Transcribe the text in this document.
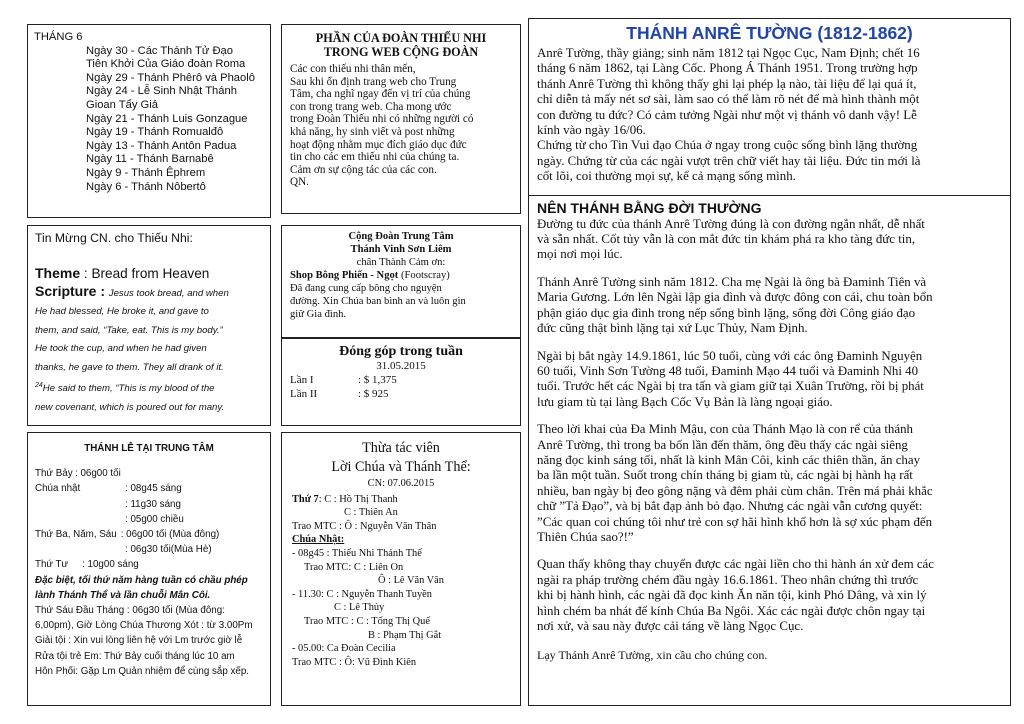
THÁNG 6
Ngày 30 - Các Thánh Tử Đạo
Tiên Khởi Của Giáo đoàn Roma
Ngày 29 - Thánh Phêrô và Phaolô
Ngày 24 - Lễ Sinh Nhật Thánh
Gioan Tẩy Giả
Ngày 21 - Thánh Luis Gonzague
Ngày 19 - Thánh Romualđô
Ngày 13 - Thánh Antôn Padua
Ngày 11 - Thánh Barnabê
Ngày 9 - Thánh Êphrem
Ngày 6 - Thánh Nôbertô
PHẦN CỦA ĐOÀN THIẾU NHI
TRONG WEB CỘNG ĐOÀN
Các con thiếu nhi thân mến,
Sau khi ổn định trang web cho Trung
Tâm, cha nghĩ ngay đến vị trí của chúng
con trong trang web. Cha mong ước
trong Đoàn Thiếu nhi có những người có
khả năng, hy sinh viết và post những
hoạt động nhằm mục đích giáo dục đức
tin cho các em thiếu nhi của chúng ta.
Cảm ơn sự cộng tác của các con.
QN.
Tin Mừng CN. cho Thiếu Nhi:
Theme : Bread from Heaven
Scripture : Jesus took bread, and when
He had blessed, He broke it, and gave to
them, and said, “Take, eat. This is my body.”
He took the cup, and when he had given
thanks, he gave to them. They all drank of it.
$^{24}$He said to them, “This is my blood of the
new covenant, which is poured out for many.
Cộng Đoàn Trung Tâm
Thánh Vinh Sơn Liêm
chân Thành Cảm ơn:
Shop Bông Phiến - Ngọt (Footscray)
Đã đang cung cấp bông cho nguyện
đường. Xin Chúa ban bình an và luôn gìn
giữ Gia đình.
Đóng góp trong tuần
31.05.2015
Lần I	: $ 1,375
Lần II	: $ 925
THÁNH LỄ TẠI TRUNG TÂM
Thứ Bảy : 06g00 tối
Chúa nhật	: 08g45 sáng
: 11g30 sáng
: 05g00 chiều
Thứ Ba, Năm, Sáu : 06g00 tối (Mùa đông)
: 06g30 tối(Mùa Hè)
Thứ Tư : 10g00 sáng

Đặc biệt, tối thứ năm hàng tuần có chầu phép lành Thánh Thể và lần chuỗi Mân Côi.

Thứ Sáu Đầu Tháng : 06g30 tối (Mùa đông: 6,00pm), Giờ Lòng Chúa Thương Xót : từ 3.00Pm

Giải tội : Xin vui lòng liên hệ với Lm trước giờ lễ

Rửa tội trẻ Em: Thứ Bảy cuối tháng lúc 10 am

Hôn Phối: Gặp Lm Quản nhiệm để cùng sắp xếp.

Thừa tác viên
Lời Chúa và Thánh Thể:
CN: 07.06.2015
Thứ 7: C : Hồ Thị Thanh
C : Thiên An
Trao MTC : Ô : Nguyễn Văn Thân
Chúa Nhật:
- 08g45 : Thiếu Nhi Thánh Thể
Trao MTC: C : Liên On
Ô : Lê Văn Vân
- 11.30: C : Nguyễn Thanh Tuyền
C : Lê Thủy
Trao MTC : C : Tống Thị Quế
B : Phạm Thị Gắt
- 05.00: Ca Đoàn Cecilia
Trao MTC : Ô: Vũ Đình Kiên
THÁNH ANRÊ TƯỜNG (1812-1862)
Anrê Tường, thầy giảng; sinh năm 1812 tại Ngọc Cục, Nam Định; chết 16
tháng 6 năm 1862, tại Làng Cốc. Phong Á Thánh 1951. Trong trường hợp
thánh Anrê Tường thì không thấy ghi lại phép lạ nào, tài liệu để lại quá ít,
chỉ diễn tả mấy nét sơ sài, làm sao có thể làm rõ nét để mà hình thành một
con đường tu đức? Có cảm tưởng Ngài như một vị thánh vô danh vậy! Lễ
kính vào ngày 16/06.
Chứng từ cho Tin Vui đạo Chúa ở ngay trong cuộc sống bình lặng thường
ngày. Chứng từ của các ngài vượt trên chữ viết hay tài liệu. Đức tin mới là
cốt lõi, coi thường mọi sự, kể cả mạng sống mình.
NÊN THÁNH BẰNG ĐỜI THƯỜNG
Đường tu đức của thánh Anrê Tường đúng là con đường ngắn nhất, dễ nhất
và sẵn nhất. Cốt tủy vẫn là con mắt đức tin khám phá ra kho tàng đức tin,
mọi nơi mọi lúc.
Thánh Anrê Tường sinh năm 1812. Cha mẹ Ngài là ông bà Đaminh Tiên và
Maria Gương. Lớn lên Ngài lập gia đình và được đông con cái, chu toàn bổn
phận giáo dục gia đình trong nếp sống bình lặng, sống đời Công giáo đạo
đức cũng thật bình lặng tại xứ Lục Thủy, Nam Định.
Ngài bị bắt ngày 14.9.1861, lúc 50 tuổi, cùng với các ông Đaminh Nguyện
60 tuổi, Vinh Sơn Tường 48 tuổi, Đaminh Mạo 44 tuổi và Đaminh Nhi 40
tuổi. Trước hết các Ngài bị tra tấn và giam giữ tại Xuân Trường, rồi bị phát
lưu giam tù tại làng Bạch Cốc Vụ Bản là làng ngoại giáo.
Theo lời khai của Đa Minh Mậu, con của Thánh Mạo là con rể của thánh
Anrê Tường, thì trong ba bốn lần đến thăm, ông đều thấy các ngài siêng
năng đọc kinh sáng tối, nhất là kinh Mân Côi, kinh các thiên thần, ăn chay
ba lần một tuần. Suốt trong chín tháng bị giam tù, các ngài bị hành hạ rất
nhiều, ban ngày bị đeo gông nặng và đêm phải cùm chân. Trên má phải khắc
chữ ”Tả Đạo”, và bị bắt đạp ảnh bỏ đạo. Nhưng các ngài vẫn cương quyết:
”Các quan coi chúng tôi như trẻ con sợ hãi hình khổ hơn là sợ xúc phạm đến
Thiên Chúa sao?!”
Quan thấy không thay chuyển được các ngài liền cho thi hành án xử đem các
ngài ra pháp trường chém đầu ngày 16.6.1861. Theo nhân chứng thì trước
khi bị hành hình, các ngài đã đọc kinh Ăn năn tội, kinh Phó Dâng, và xin lý
hình chém ba nhát để kính Chúa Ba Ngôi. Xác các ngài được chôn ngay tại
nơi xử, và sau này được cải táng về làng Ngọc Cục.
Lạy Thánh Anrê Tường, xin cầu cho chúng con.
